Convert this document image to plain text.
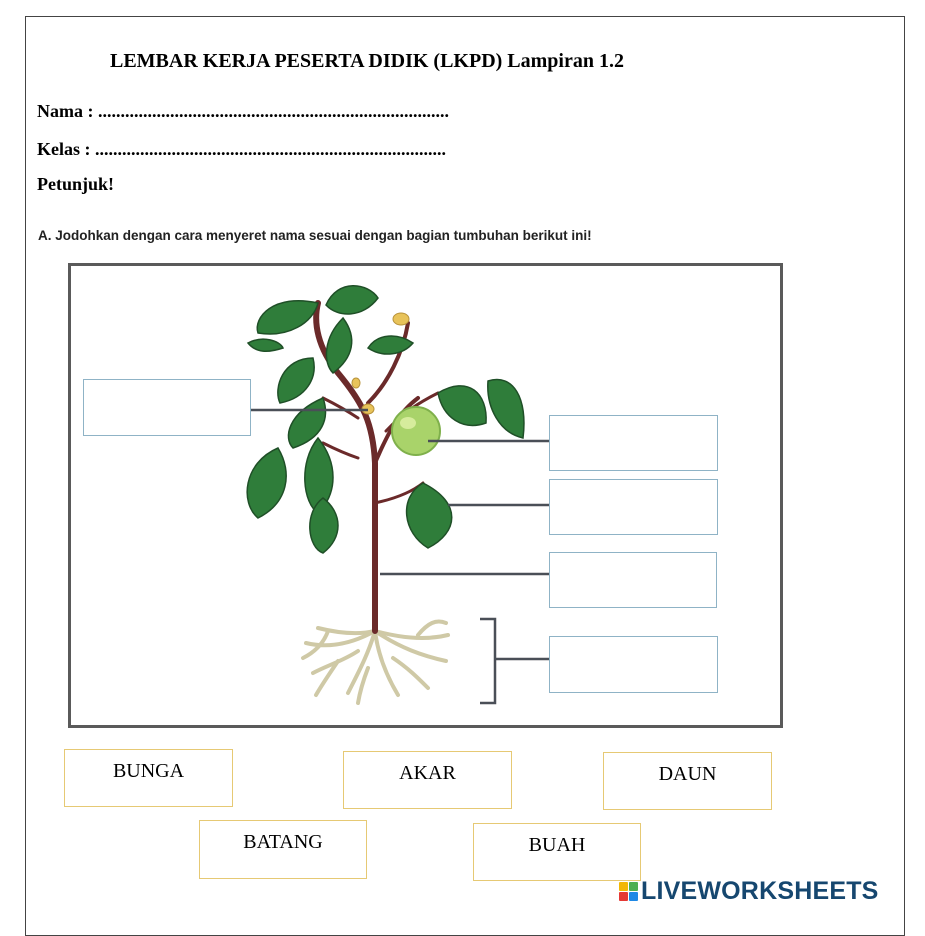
LEMBAR KERJA PESERTA DIDIK (LKPD) Lampiran 1.2
Nama : ..............................................................................
Kelas : ..............................................................................
Petunjuk!
A. Jodohkan dengan cara menyeret nama sesuai dengan bagian tumbuhan berikut ini!
BUNGA	AKAR	DAUN
BATANG	BUAH
LIVEWORKSHEETS
